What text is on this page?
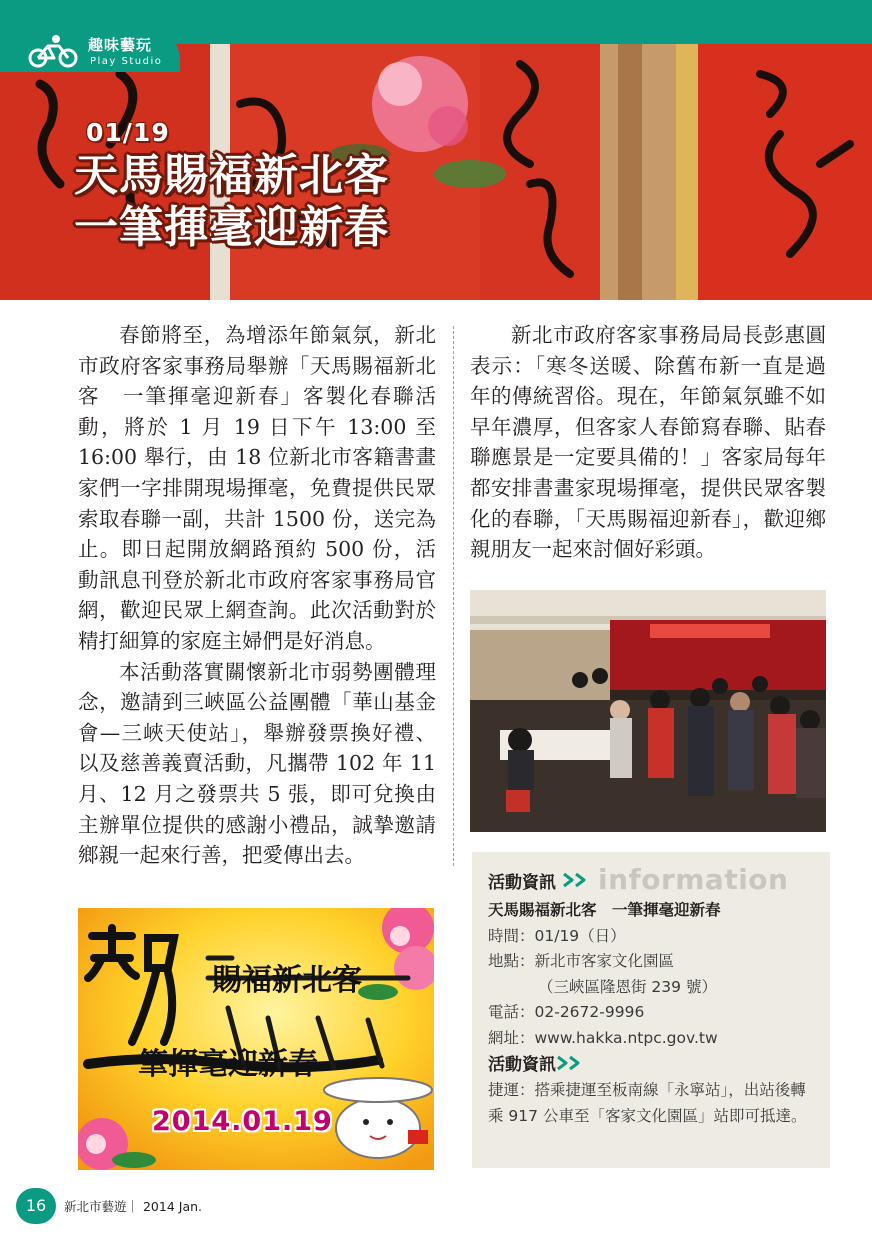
趣味藝玩
Play Studio
01/19
天馬賜福新北客
一筆揮毫迎新春

春節將至，為增添年節氣氛，新北市政府客家事務局舉辦「天馬賜福新北客　一筆揮毫迎新春」客製化春聯活動，將於 1 月 19 日下午 13:00 至 16:00 舉行，由 18 位新北市客籍書畫家們一字排開現場揮毫，免費提供民眾索取春聯一副，共計 1500 份，送完為止。即日起開放網路預約 500 份，活動訊息刊登於新北市政府客家事務局官網，歡迎民眾上網查詢。此次活動對於精打細算的家庭主婦們是好消息。

本活動落實關懷新北市弱勢團體理念，邀請到三峽區公益團體「華山基金會—三峽天使站」，舉辦發票換好禮、以及慈善義賣活動，凡攜帶 102 年 11 月、12 月之發票共 5 張，即可兌換由主辦單位提供的感謝小禮品，誠摯邀請鄉親一起來行善，把愛傳出去。

新北市政府客家事務局局長彭惠圓表示：「寒冬送暖、除舊布新一直是過年的傳統習俗。現在，年節氣氛雖不如早年濃厚，但客家人春節寫春聯、貼春聯應景是一定要具備的！」客家局每年都安排書畫家現場揮毫，提供民眾客製化的春聯，「天馬賜福迎新春」，歡迎鄉親朋友一起來討個好彩頭。

賜福新北客
筆揮毫迎新春
2014.01.19
活動資訊 information
天馬賜福新北客　一筆揮毫迎新春
時間：01/19（日）
地點：新北市客家文化園區
（三峽區隆恩街 239 號）
電話：02-2672-9996
網址：www.hakka.ntpc.gov.tw
活動資訊
捷運：搭乘捷運至板南線「永寧站」，出站後轉乘 917 公車至「客家文化園區」站即可抵達。
16	新北市藝遊｜ 2014 Jan.
